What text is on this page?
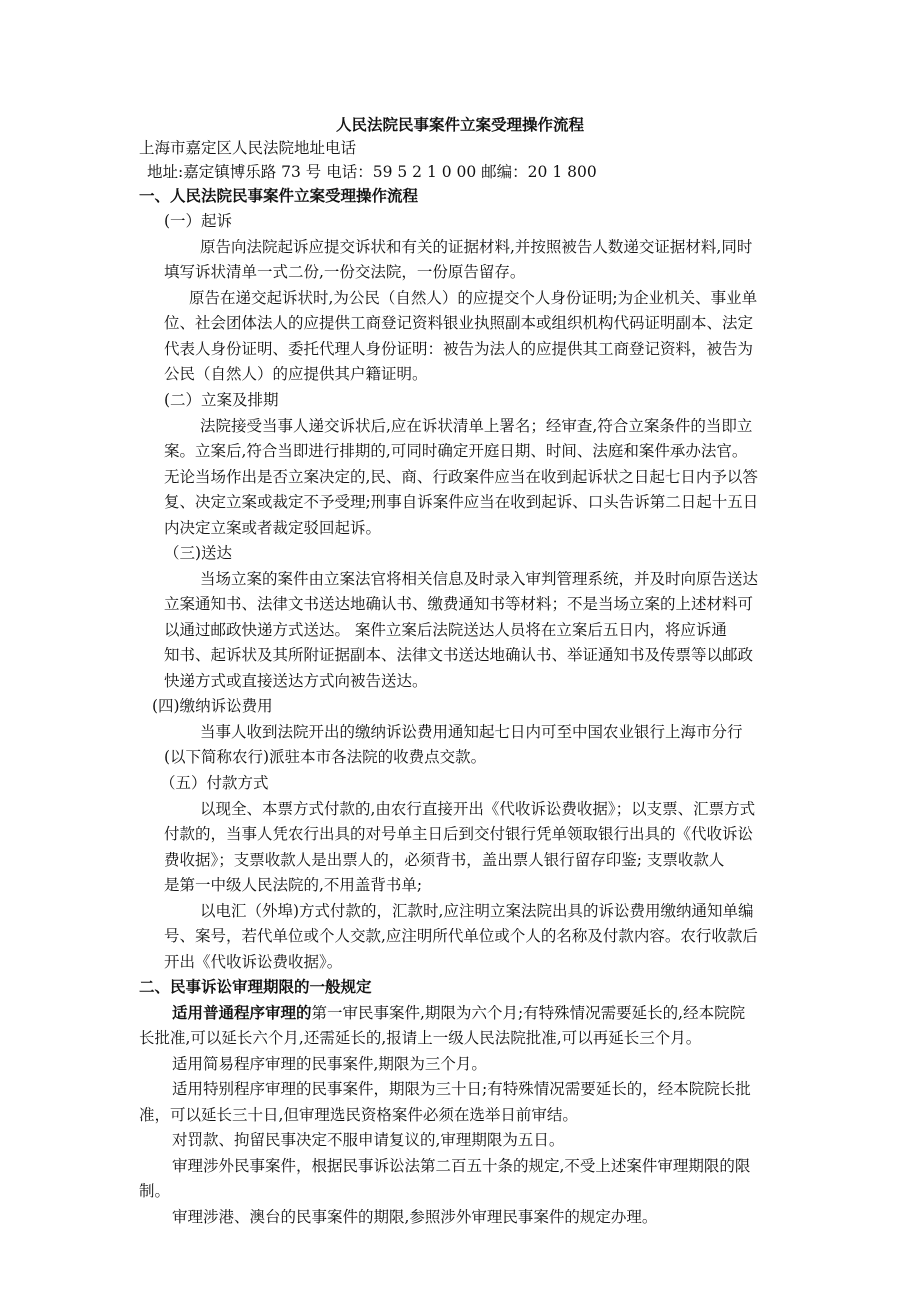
人民法院民事案件立案受理操作流程
上海市嘉定区人民法院地址电话
地址:嘉定镇博乐路 73 号 电话：59 5 2 1 0 00 邮编：20 1 800
一、人民法院民事案件立案受理操作流程
(一）起诉
原告向法院起诉应提交诉状和有关的证据材料,并按照被告人数递交证据材料,同时
填写诉状清单一式二份,一份交法院，一份原告留存。
原告在递交起诉状时,为公民（自然人）的应提交个人身份证明;为企业机关、事业单
位、社会团体法人的应提供工商登记资料银业执照副本或组织机构代码证明副本、法定
代表人身份证明、委托代理人身份证明：被告为法人的应提供其工商登记资料，被告为
公民（自然人）的应提供其户籍证明。
(二）立案及排期
法院接受当事人递交诉状后,应在诉状清单上署名；经审查,符合立案条件的当即立
案。立案后,符合当即进行排期的,可同时确定开庭日期、时间、法庭和案件承办法官。
无论当场作出是否立案决定的,民、商、行政案件应当在收到起诉状之日起七日内予以答
复、决定立案或裁定不予受理;刑事自诉案件应当在收到起诉、口头告诉第二日起十五日
内决定立案或者裁定驳回起诉。
（三)送达
当场立案的案件由立案法官将相关信息及时录入审判管理系统，并及时向原告送达
立案通知书、法律文书送达地确认书、缴费通知书等材料；不是当场立案的上述材料可
以通过邮政快递方式送达。 案件立案后法院送达人员将在立案后五日内，将应诉通
知书、起诉状及其所附证据副本、法律文书送达地确认书、举证通知书及传票等以邮政
快递方式或直接送达方式向被告送达。
(四)缴纳诉讼费用
当事人收到法院开出的缴纳诉讼费用通知起七日内可至中国农业银行上海市分行
(以下简称农行)派驻本市各法院的收费点交款。
（五）付款方式
以现全、本票方式付款的,由农行直接开出《代收诉讼费收据》；以支票、汇票方式
付款的，当事人凭农行出具的对号单主日后到交付银行凭单领取银行出具的《代收诉讼
费收据》；支票收款人是出票人的，必须背书，盖出票人银行留存印鉴; 支票收款人
是第一中级人民法院的,不用盖背书单;
以电汇（外埠)方式付款的，汇款时,应注明立案法院出具的诉讼费用缴纳通知单编
号、案号，若代单位或个人交款,应注明所代单位或个人的名称及付款内容。农行收款后
开出《代收诉讼费收据》。
二、民事诉讼审理期限的一般规定
适用普通程序审理的第一审民事案件,期限为六个月;有特殊情况需要延长的,经本院院
长批准,可以延长六个月,还需延长的,报请上一级人民法院批准,可以再延长三个月。
适用简易程序审理的民事案件,期限为三个月。
适用特别程序审理的民事案件，期限为三十日;有特殊情况需要延长的，经本院院长批
准，可以延长三十日,但审理选民资格案件必须在选举日前审结。
对罚款、拘留民事决定不服申请复议的,审理期限为五日。
审理涉外民事案件，根据民事诉讼法第二百五十条的规定,不受上述案件审理期限的限
制。
审理涉港、澳台的民事案件的期限,参照涉外审理民事案件的规定办理。
